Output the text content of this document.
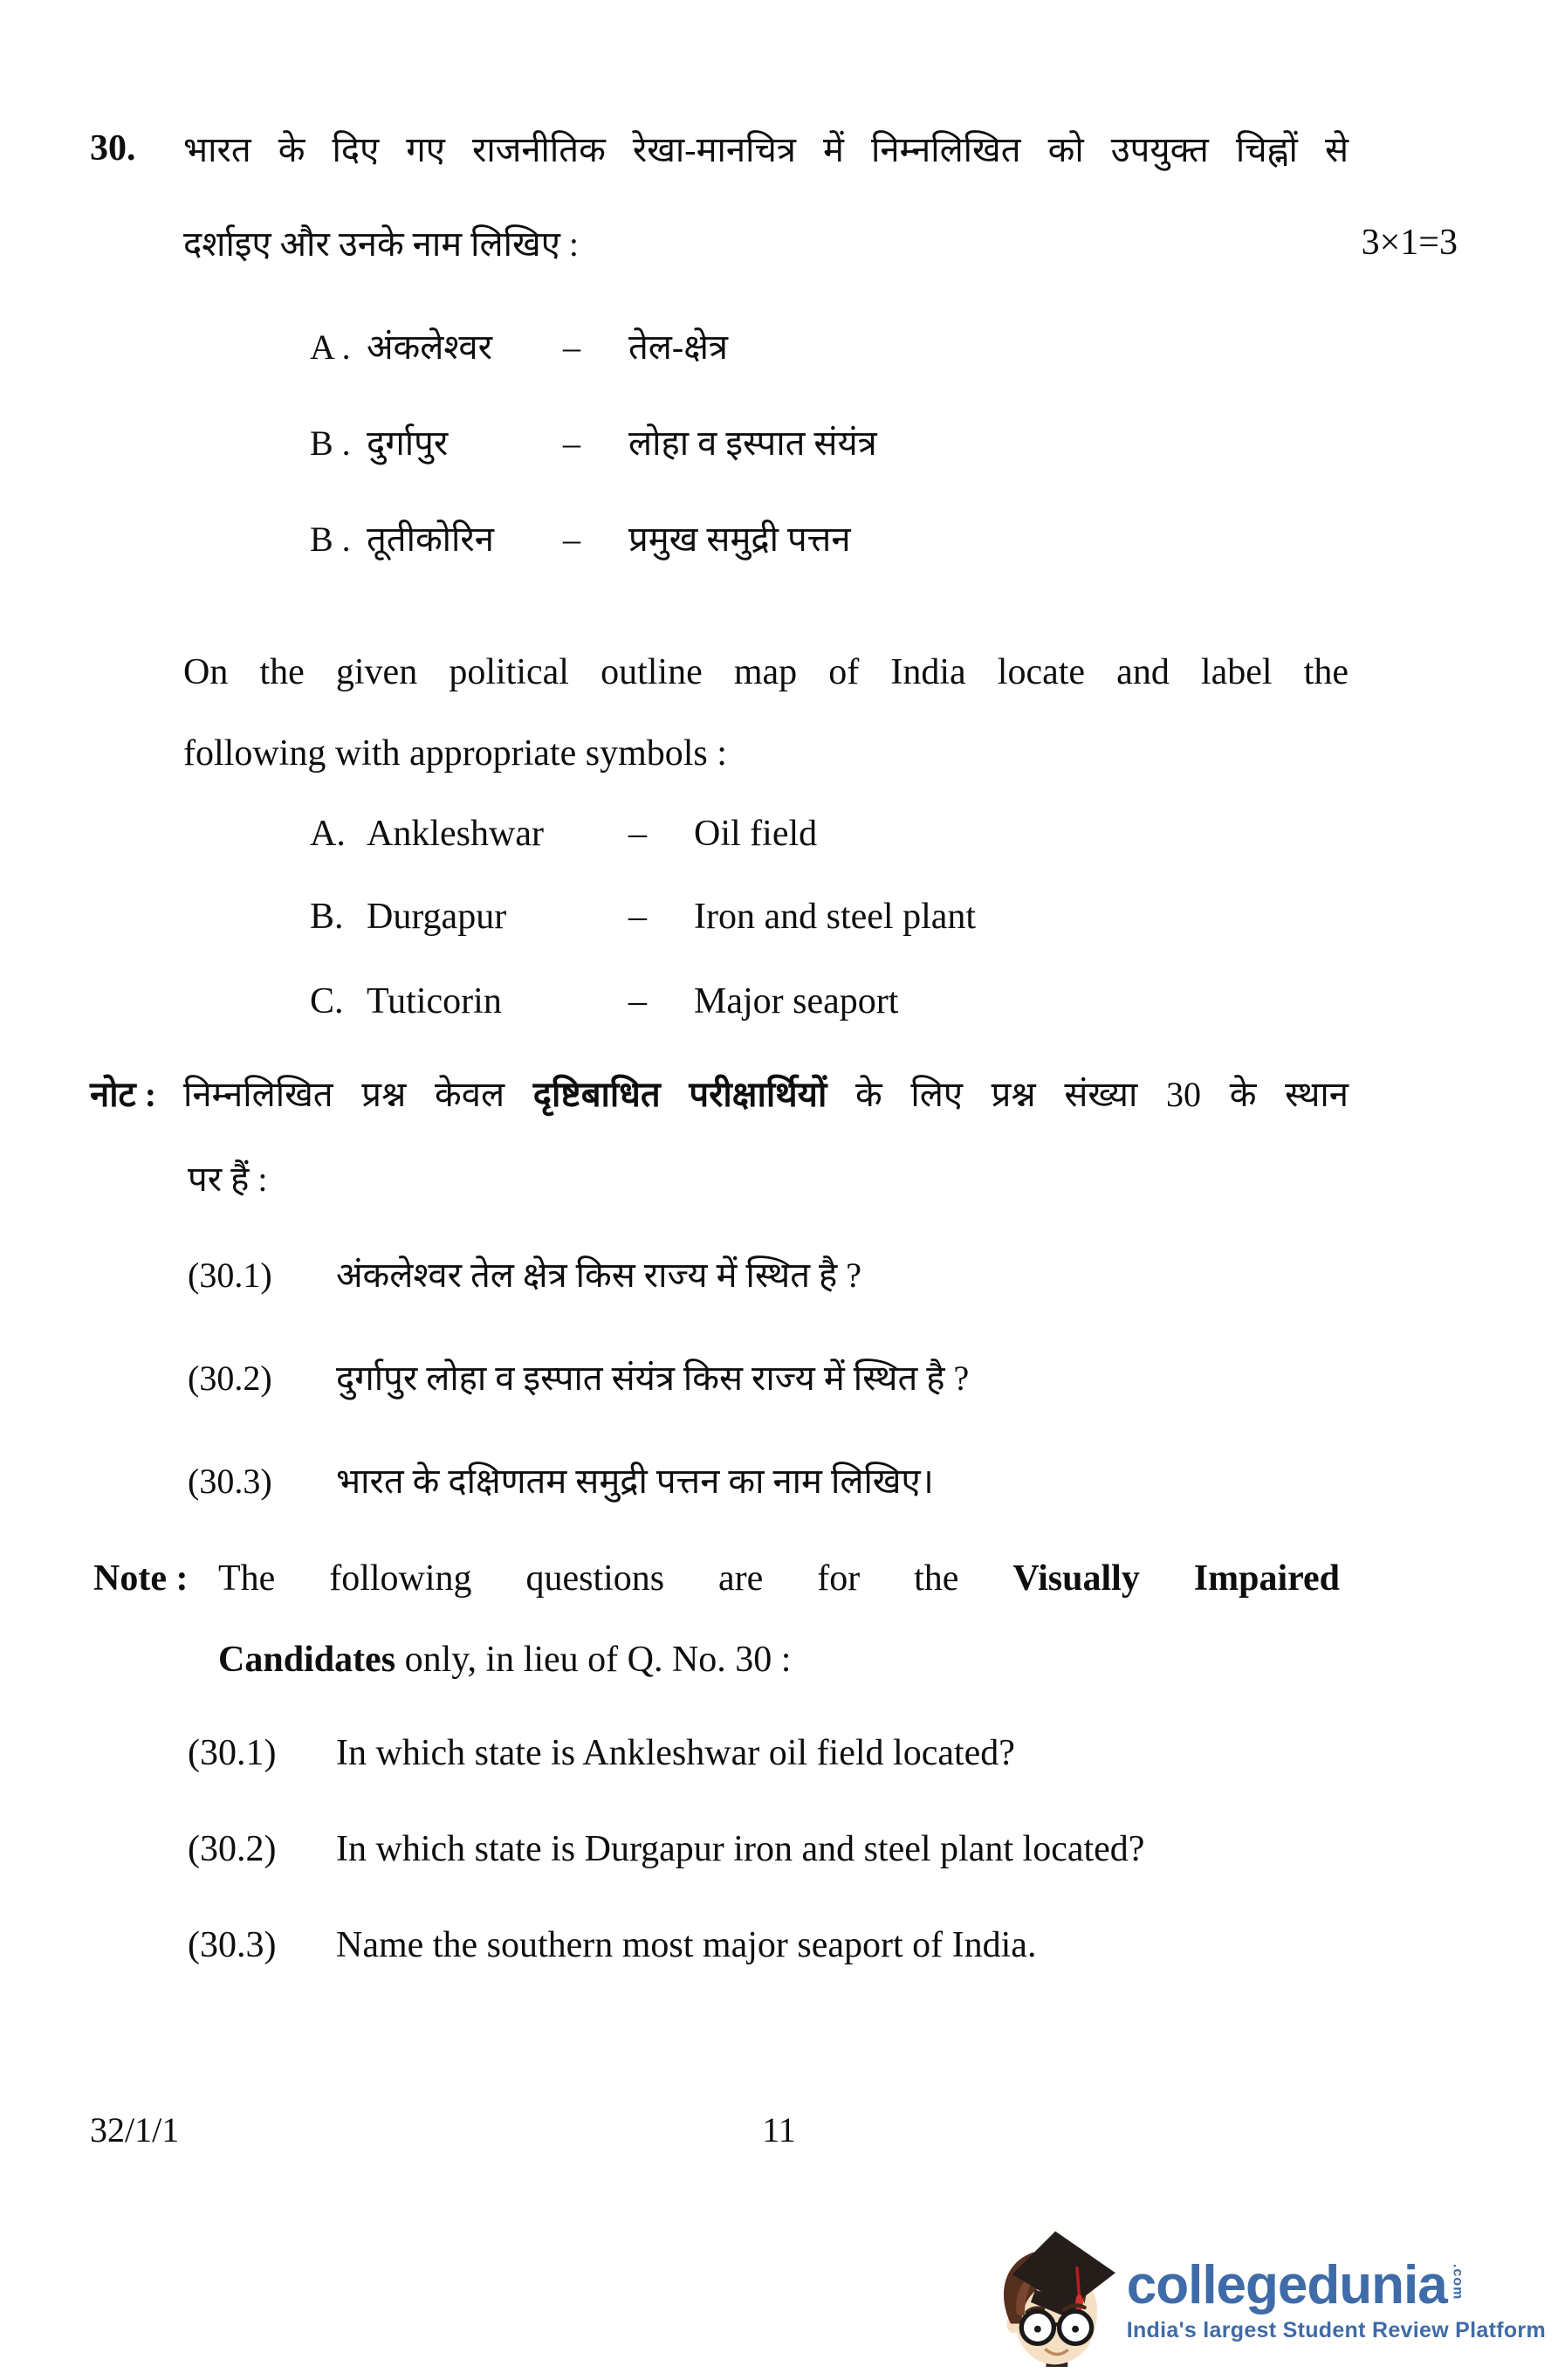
30. भारत के दिए गए राजनीतिक रेखा-मानचित्र में निम्नलिखित को उपयुक्त चिह्नों से
दर्शाइए और उनके नाम लिखिए :	3×1=3
A . अंकलेश्वर	–	तेल-क्षेत्र
B . दुर्गापुर	–	लोहा व इस्पात संयंत्र
B . तूतीकोरिन	–	प्रमुख समुद्री पत्तन
On the given political outline map of India locate and label the
following with appropriate symbols :
A. Ankleshwar	–	Oil field
B. Durgapur	–	Iron and steel plant
C. Tuticorin	–	Major seaport
नोट : निम्नलिखित प्रश्न केवल दृष्टिबाधित परीक्षार्थियों के लिए प्रश्न संख्या 30 के स्थान
पर हैं :
(30.1)	अंकलेश्वर तेल क्षेत्र किस राज्य में स्थित है ?
(30.2)	दुर्गापुर लोहा व इस्पात संयंत्र किस राज्य में स्थित है ?
(30.3)	भारत के दक्षिणतम समुद्री पत्तन का नाम लिखिए।
Note : The following questions are for the Visually Impaired
Candidates only, in lieu of Q. No. 30 :
(30.1)	In which state is Ankleshwar oil field located?
(30.2)	In which state is Durgapur iron and steel plant located?
(30.3)	Name the southern most major seaport of India.
32/1/1	11
collegedunia .com
India's largest Student Review Platform
